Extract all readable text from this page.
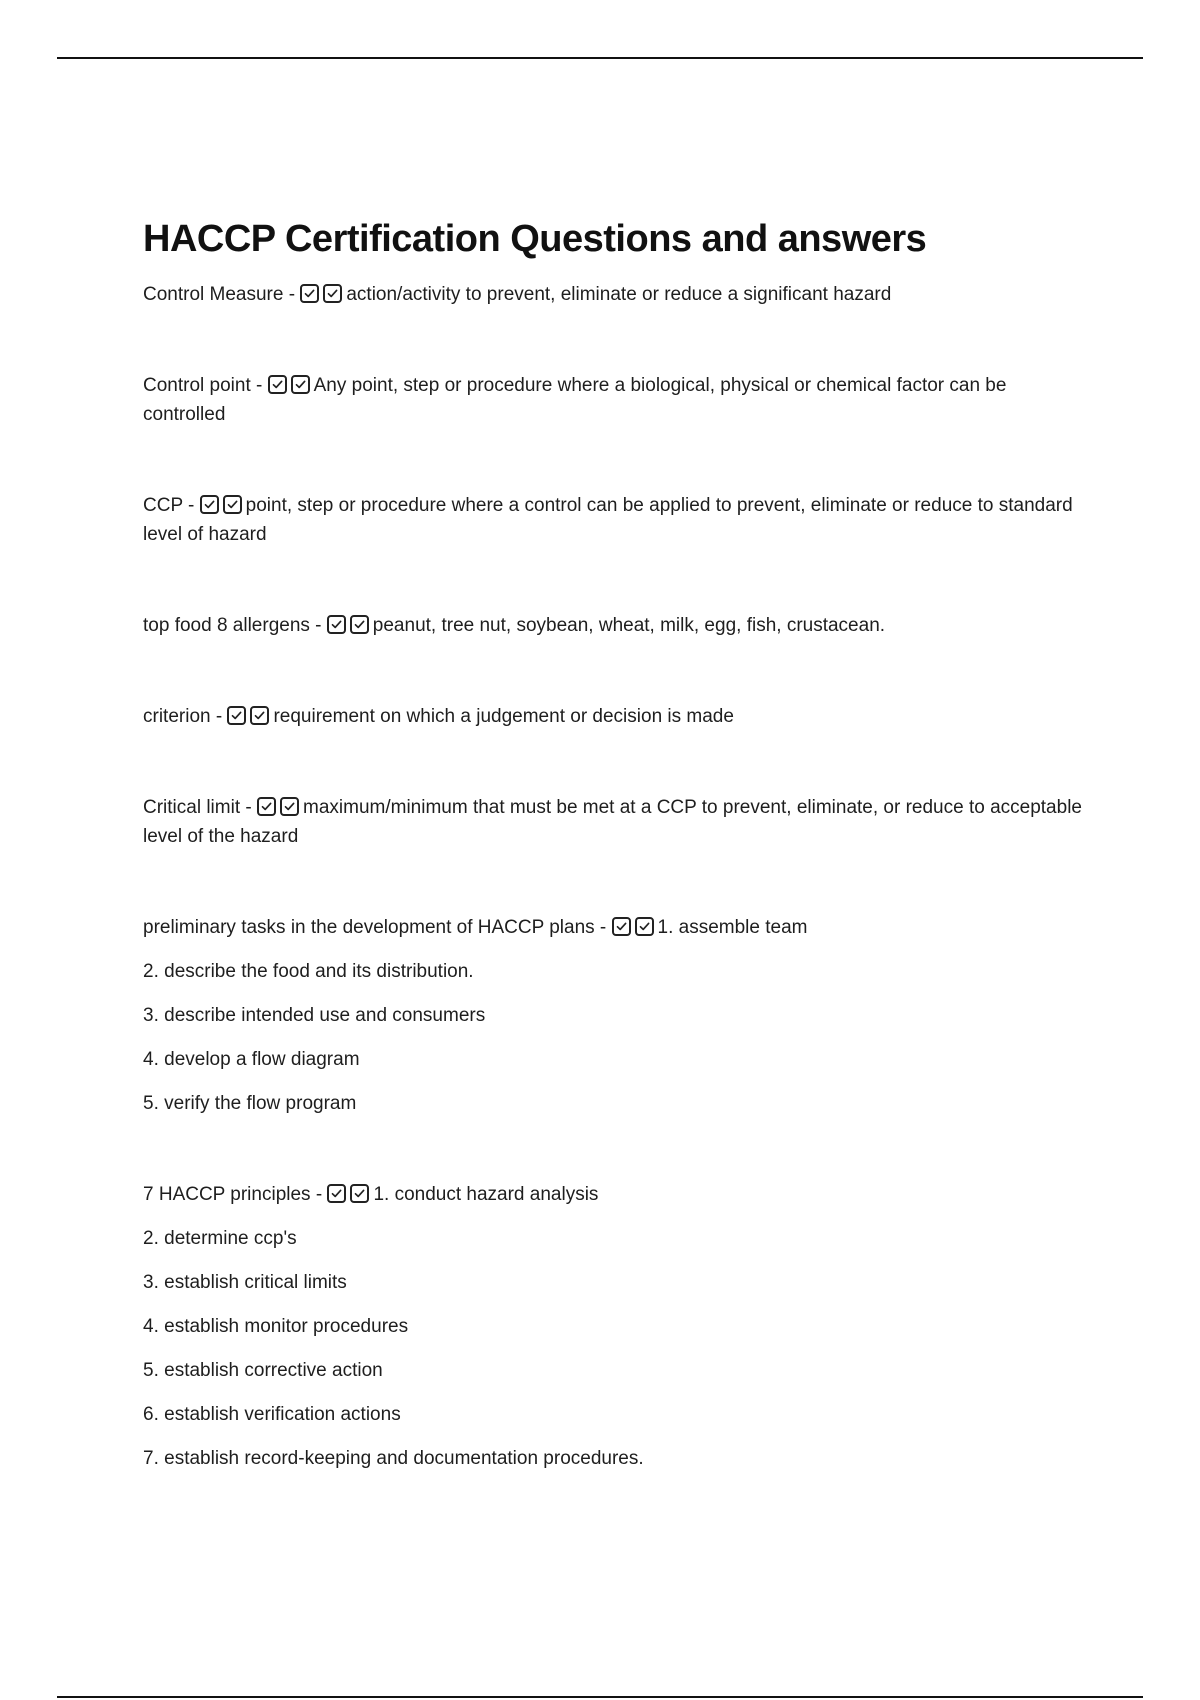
HACCP Certification Questions and answers

Control Measure -
action/activity to prevent, eliminate or reduce a significant hazard

Control point -
Any point, step or procedure where a biological, physical or chemical factor can be controlled

CCP -
point, step or procedure where a control can be applied to prevent, eliminate or reduce to standard level of hazard

top food 8 allergens -
peanut, tree nut, soybean, wheat, milk, egg, fish, crustacean.

criterion -
requirement on which a judgement or decision is made

Critical limit -
maximum/minimum that must be met at a CCP to prevent, eliminate, or reduce to acceptable level of the hazard

preliminary tasks in the development of HACCP plans -
1. assemble team

2. describe the food and its distribution.

3. describe intended use and consumers

4. develop a flow diagram

5. verify the flow program

7 HACCP principles -
1. conduct hazard analysis

2. determine ccp's

3. establish critical limits

4. establish monitor procedures

5. establish corrective action

6. establish verification actions

7. establish record-keeping and documentation procedures.
